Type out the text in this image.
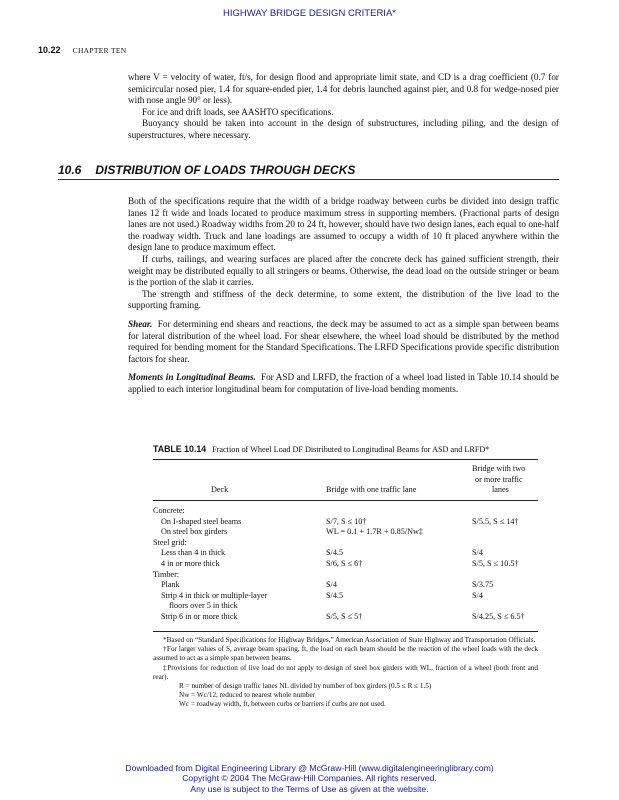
HIGHWAY BRIDGE DESIGN CRITERIA*
10.22 CHAPTER TEN

where V = velocity of water, ft/s, for design flood and appropriate limit state, and CD is a drag coefficient (0.7 for semicircular nosed pier, 1.4 for square-ended pier, 1.4 for debris launched against pier, and 0.8 for wedge-nosed pier with nose angle 90° or less).

For ice and drift loads, see AASHTO specifications.

Buoyancy should be taken into account in the design of substructures, including piling, and the design of superstructures, where necessary.

10.6 DISTRIBUTION OF LOADS THROUGH DECKS

Both of the specifications require that the width of a bridge roadway between curbs be divided into design traffic lanes 12 ft wide and loads located to produce maximum stress in supporting members. (Fractional parts of design lanes are not used.) Roadway widths from 20 to 24 ft, however, should have two design lanes, each equal to one-half the roadway width. Truck and lane loadings are assumed to occupy a width of 10 ft placed anywhere within the design lane to produce maximum effect.

If curbs, railings, and wearing surfaces are placed after the concrete deck has gained sufficient strength, their weight may be distributed equally to all stringers or beams. Otherwise, the dead load on the outside stringer or beam is the portion of the slab it carries.

The strength and stiffness of the deck determine, to some extent, the distribution of the live load to the supporting framing.

Shear. For determining end shears and reactions, the deck may be assumed to act as a simple span between beams for lateral distribution of the wheel load. For shear elsewhere, the wheel load should be distributed by the method required for bending moment for the Standard Specifications. The LRFD Specifications provide specific distribution factors for shear.

Moments in Longitudinal Beams. For ASD and LRFD, the fraction of a wheel load listed in Table 10.14 should be applied to each interior longitudinal beam for computation of live-load bending moments.

TABLE 10.14 Fraction of Wheel Load DF Distributed to Longitudinal Beams for ASD and LRFD*
Bridge with two
or more traffic
Deck	Bridge with one traffic lane	lanes
Concrete:
On I-shaped steel beams	S/7, S ≤ 10†	S/5.5, S ≤ 14†
On steel box girders	WL = 0.1 + 1.7R + 0.85/Nw‡
Steel grid:
Less than 4 in thick	S/4.5	S/4
4 in or more thick	S/6, S ≤ 6†	S/5, S ≤ 10.5†
Timber:
Plank	S/4	S/3.75
Strip 4 in thick or multiple-layer	S/4.5	S/4
floors over 5 in thick
Strip 6 in or more thick	S/5, S ≤ 5†	S/4.25, S ≤ 6.5†

*Based on “Standard Specifications for Highway Bridges,” American Association of State Highway and Transportation Officials.

†For larger values of S, average beam spacing, ft, the load on each beam should be the reaction of the wheel loads with the deck assumed to act as a simple span between beams.

‡Provisions for reduction of live load do not apply to design of steel box girders with WL, fraction of a wheel (both front and rear).

R = number of design traffic lanes NL divided by number of box girders (0.5 ≤ R ≤ 1.5)

Nw = Wc/12, reduced to nearest whole number

Wc = roadway width, ft, between curbs or barriers if curbs are not used.

Downloaded from Digital Engineering Library @ McGraw-Hill (www.digitalengineeringlibrary.com)
Copyright © 2004 The McGraw-Hill Companies. All rights reserved.
Any use is subject to the Terms of Use as given at the website.
